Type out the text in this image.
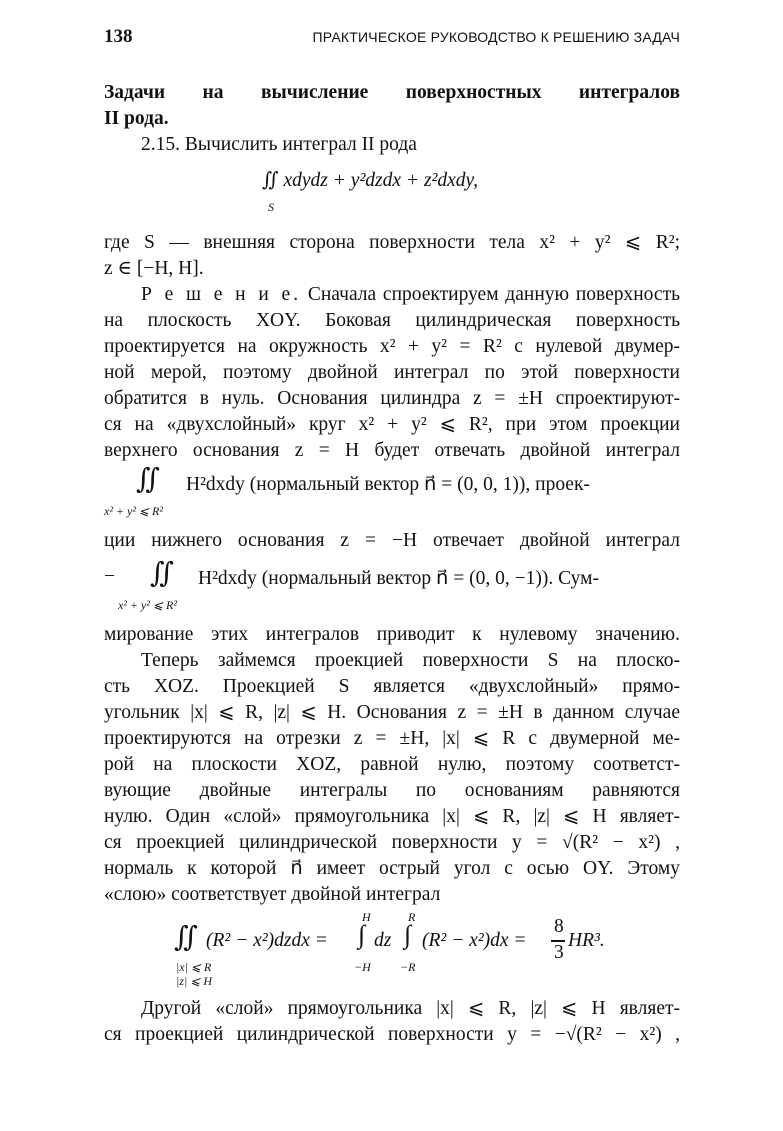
138	ПРАКТИЧЕСКОЕ РУКОВОДСТВО К РЕШЕНИЮ ЗАДАЧ
Задачи на вычисление поверхностных интегралов
II рода.
2.15. Вычислить интеграл II рода
∬ xdydz + y²dzdx + z²dxdy,
S
где S — внешняя сторона поверхности тела x² + y² ⩽ R²;
z ∈ [−H, H].
Р е ш е н и е. Сначала спроектируем данную поверхность
на плоскость XOY. Боковая цилиндрическая поверхность
проектируется на окружность x² + y² = R² с нулевой двумер-
ной мерой, поэтому двойной интеграл по этой поверхности
обратится в нуль. Основания цилиндра z = ±H спроектируют-
ся на «двухслойный» круг x² + y² ⩽ R², при этом проекции
верхнего основания z = H будет отвечать двойной интеграл
∬ H²dxdy (нормальный вектор n⃗ = (0, 0, 1)), проек-
x² + y² ⩽ R²
ции нижнего основания z = −H отвечает двойной интеграл
− ∬ H²dxdy (нормальный вектор n⃗ = (0, 0, −1)). Сум-
x² + y² ⩽ R²
мирование этих интегралов приводит к нулевому значению.
Теперь займемся проекцией поверхности S на плоско-
сть XOZ. Проекцией S является «двухслойный» прямо-
угольник |x| ⩽ R, |z| ⩽ H. Основания z = ±H в данном случае
проектируются на отрезки z = ±H, |x| ⩽ R с двумерной ме-
рой на плоскости XOZ, равной нулю, поэтому соответст-
вующие двойные интегралы по основаниям равняются
нулю. Один «слой» прямоугольника |x| ⩽ R, |z| ⩽ H являет-
ся проекцией цилиндрической поверхности y = √(R² − x²) ,
нормаль к которой n⃗ имеет острый угол с осью OY. Этому
«слою» соответствует двойной интеграл
∬ (R² − x²)dzdx =
|x| ⩽ R
|z| ⩽ H
H
∫
−H
dz
R
∫
−R
(R² − x²)dx =
8
3
HR³.
Другой «слой» прямоугольника |x| ⩽ R, |z| ⩽ H являет-
ся проекцией цилиндрической поверхности y = −√(R² − x²) ,
